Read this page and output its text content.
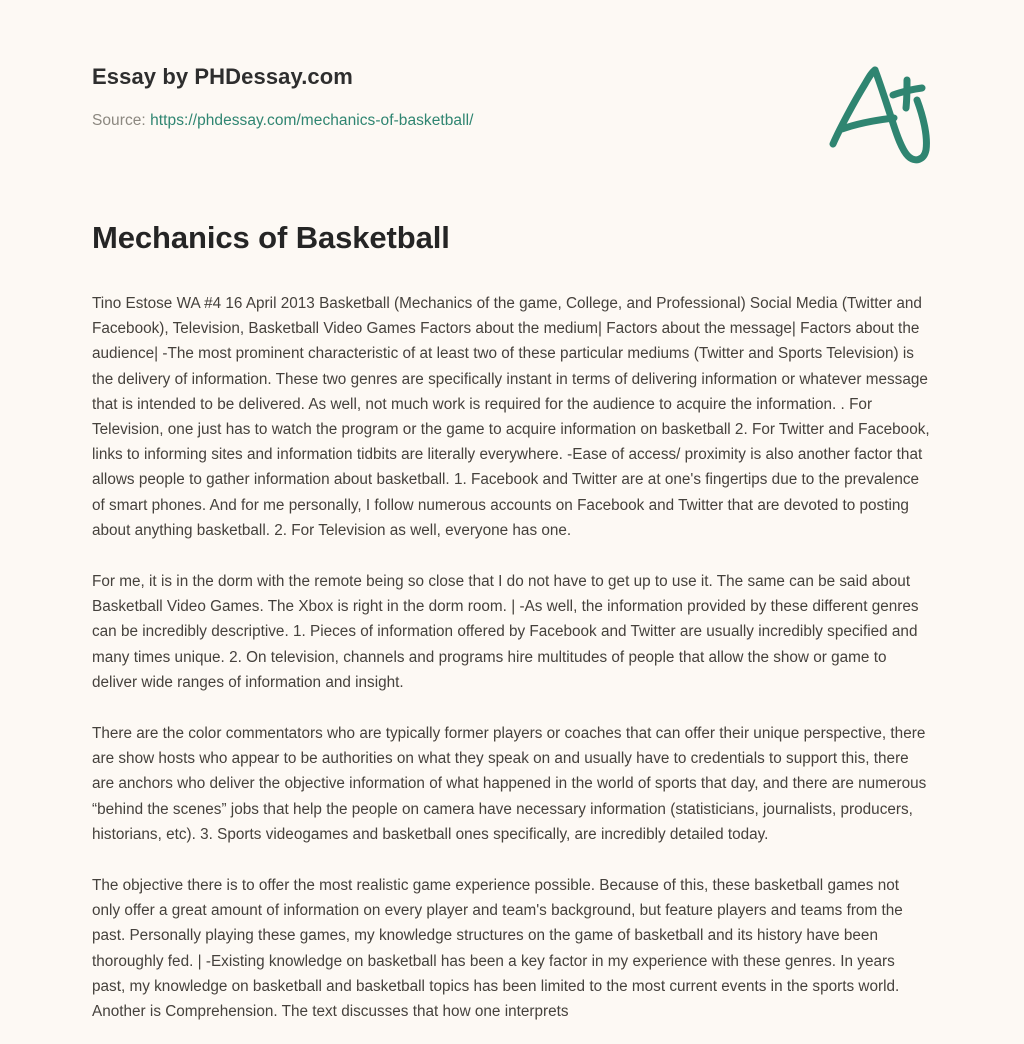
Essay by PHDessay.com
Source: https://phdessay.com/mechanics-of-basketball/
Mechanics of Basketball

Tino Estose WA #4 16 April 2013 Basketball (Mechanics of the game, College, and Professional) Social Media (Twitter and Facebook), Television, Basketball Video Games Factors about the medium| Factors about the message| Factors about the audience| -The most prominent characteristic of at least two of these particular mediums (Twitter and Sports Television) is the delivery of information. These two genres are specifically instant in terms of delivering information or whatever message that is intended to be delivered. As well, not much work is required for the audience to acquire the information. . For Television, one just has to watch the program or the game to acquire information on basketball 2. For Twitter and Facebook, links to informing sites and information tidbits are literally everywhere. -Ease of access/ proximity is also another factor that allows people to gather information about basketball. 1. Facebook and Twitter are at one's fingertips due to the prevalence of smart phones. And for me personally, I follow numerous accounts on Facebook and Twitter that are devoted to posting about anything basketball. 2. For Television as well, everyone has one.

For me, it is in the dorm with the remote being so close that I do not have to get up to use it. The same can be said about Basketball Video Games. The Xbox is right in the dorm room. | -As well, the information provided by these different genres can be incredibly descriptive. 1. Pieces of information offered by Facebook and Twitter are usually incredibly specified and many times unique. 2. On television, channels and programs hire multitudes of people that allow the show or game to deliver wide ranges of information and insight.

There are the color commentators who are typically former players or coaches that can offer their unique perspective, there are show hosts who appear to be authorities on what they speak on and usually have to credentials to support this, there are anchors who deliver the objective information of what happened in the world of sports that day, and there are numerous “behind the scenes” jobs that help the people on camera have necessary information (statisticians, journalists, producers, historians, etc). 3. Sports videogames and basketball ones specifically, are incredibly detailed today.

The objective there is to offer the most realistic game experience possible. Because of this, these basketball games not only offer a great amount of information on every player and team's background, but feature players and teams from the past. Personally playing these games, my knowledge structures on the game of basketball and its history have been thoroughly fed. | -Existing knowledge on basketball has been a key factor in my experience with these genres. In years past, my knowledge on basketball and basketball topics has been limited to the most current events in the sports world. Another is Comprehension. The text discusses that how one interprets
